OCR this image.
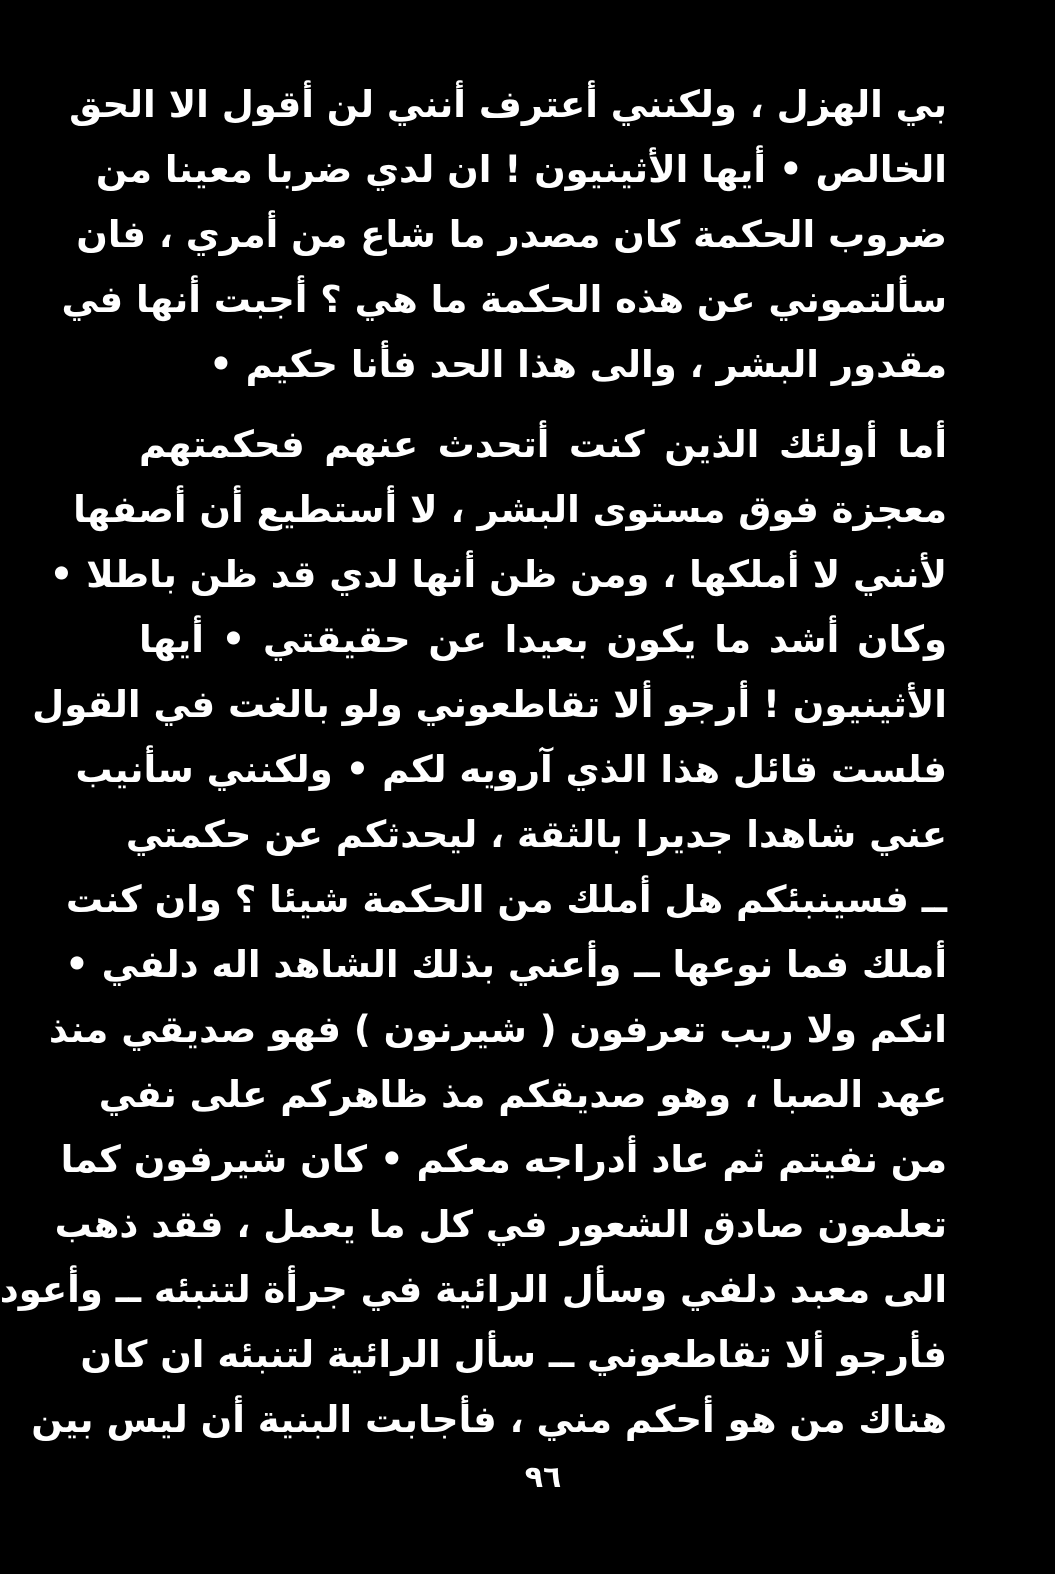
بي الهزل ، ولكنني أعترف أنني لن أقول الا الحق
الخالص • أيها الأثينيون ! ان لدي ضربا معينا من
ضروب الحكمة كان مصدر ما شاع من أمري ، فان
سألتموني عن هذه الحكمة ما هي ؟ أجبت أنها في
مقدور البشر ، والى هذا الحد فأنا حكيم •
أما أولئك الذين كنت أتحدث عنهم فحكمتهم
معجزة فوق مستوى البشر ، لا أستطيع أن أصفها
لأنني لا أملكها ، ومن ظن أنها لدي قد ظن باطلا •
وكان أشد ما يكون بعيدا عن حقيقتي • أيها
الأثينيون ! أرجو ألا تقاطعوني ولو بالغت في القول
فلست قائل هذا الذي آرويه لكم • ولكنني سأنيب
عني شاهدا جديرا بالثقة ، ليحدثكم عن حكمتي
ــ فسينبئكم هل أملك من الحكمة شيئا ؟ وان كنت
أملك فما نوعها ــ وأعني بذلك الشاهد اله دلفي •
انكم ولا ريب تعرفون ( شيرنون ) فهو صديقي منذ
عهد الصبا ، وهو صديقكم مذ ظاهركم على نفي
من نفيتم ثم عاد أدراجه معكم • كان شيرفون كما
تعلمون صادق الشعور في كل ما يعمل ، فقد ذهب
الى معبد دلفي وسأل الرائية في جرأة لتنبئه ــ وأعود
فأرجو ألا تقاطعوني ــ سأل الرائية لتنبئه ان كان
هناك من هو أحكم مني ، فأجابت البنية أن ليس بين
٩٦
